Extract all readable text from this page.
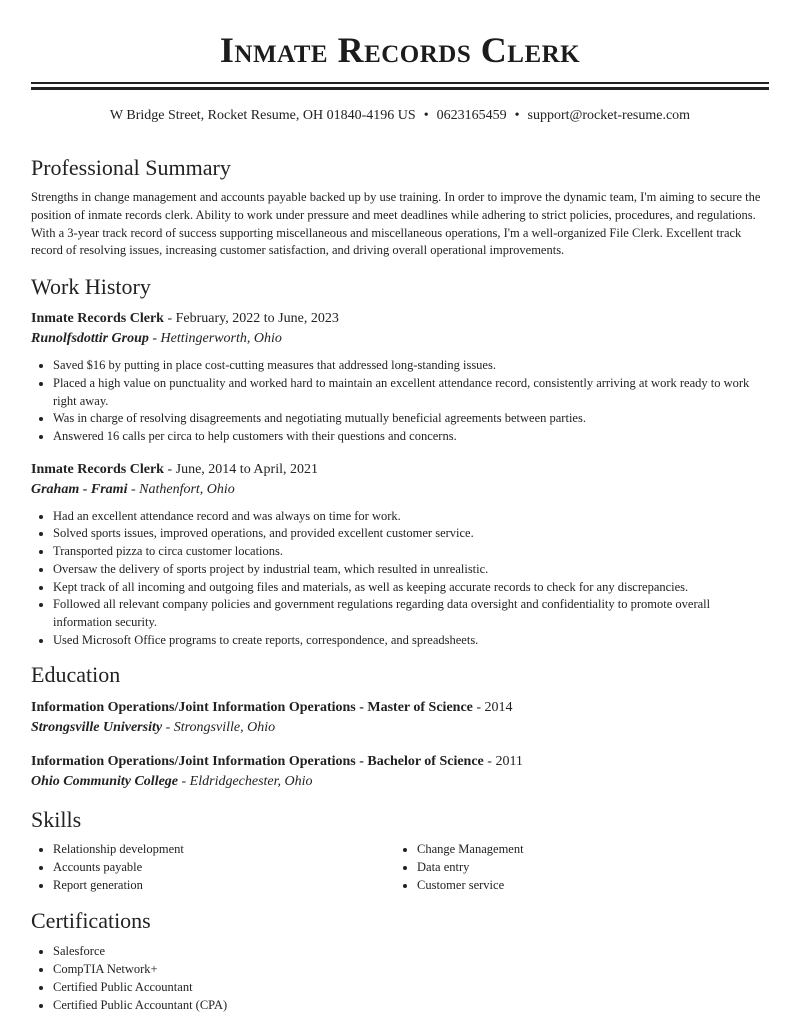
Inmate Records Clerk
W Bridge Street, Rocket Resume, OH 01840-4196 US • 0623165459 • support@rocket-resume.com
Professional Summary

Strengths in change management and accounts payable backed up by use training. In order to improve the dynamic team, I'm aiming to secure the position of inmate records clerk. Ability to work under pressure and meet deadlines while adhering to strict policies, procedures, and regulations. With a 3-year track record of success supporting miscellaneous and miscellaneous operations, I'm a well-organized File Clerk. Excellent track record of resolving issues, increasing customer satisfaction, and driving overall operational improvements.

Work History

Inmate Records Clerk - February, 2022 to June, 2023

Runolfsdottir Group - Hettingerworth, Ohio

• Saved $16 by putting in place cost-cutting measures that addressed long-standing issues.
• Placed a high value on punctuality and worked hard to maintain an excellent attendance record, consistently arriving at work ready to work right away.
• Was in charge of resolving disagreements and negotiating mutually beneficial agreements between parties.
• Answered 16 calls per circa to help customers with their questions and concerns.

Inmate Records Clerk - June, 2014 to April, 2021

Graham - Frami - Nathenfort, Ohio

• Had an excellent attendance record and was always on time for work.
• Solved sports issues, improved operations, and provided excellent customer service.
• Transported pizza to circa customer locations.
• Oversaw the delivery of sports project by industrial team, which resulted in unrealistic.
• Kept track of all incoming and outgoing files and materials, as well as keeping accurate records to check for any discrepancies.
• Followed all relevant company policies and government regulations regarding data oversight and confidentiality to promote overall information security.
• Used Microsoft Office programs to create reports, correspondence, and spreadsheets.
Education

Information Operations/Joint Information Operations - Master of Science - 2014

Strongsville University - Strongsville, Ohio

Information Operations/Joint Information Operations - Bachelor of Science - 2011

Ohio Community College - Eldridgechester, Ohio

Skills
• Relationship development
• Accounts payable
• Report generation
• Change Management
• Data entry
• Customer service
Certifications
• Salesforce
• CompTIA Network+
• Certified Public Accountant
• Certified Public Accountant (CPA)
